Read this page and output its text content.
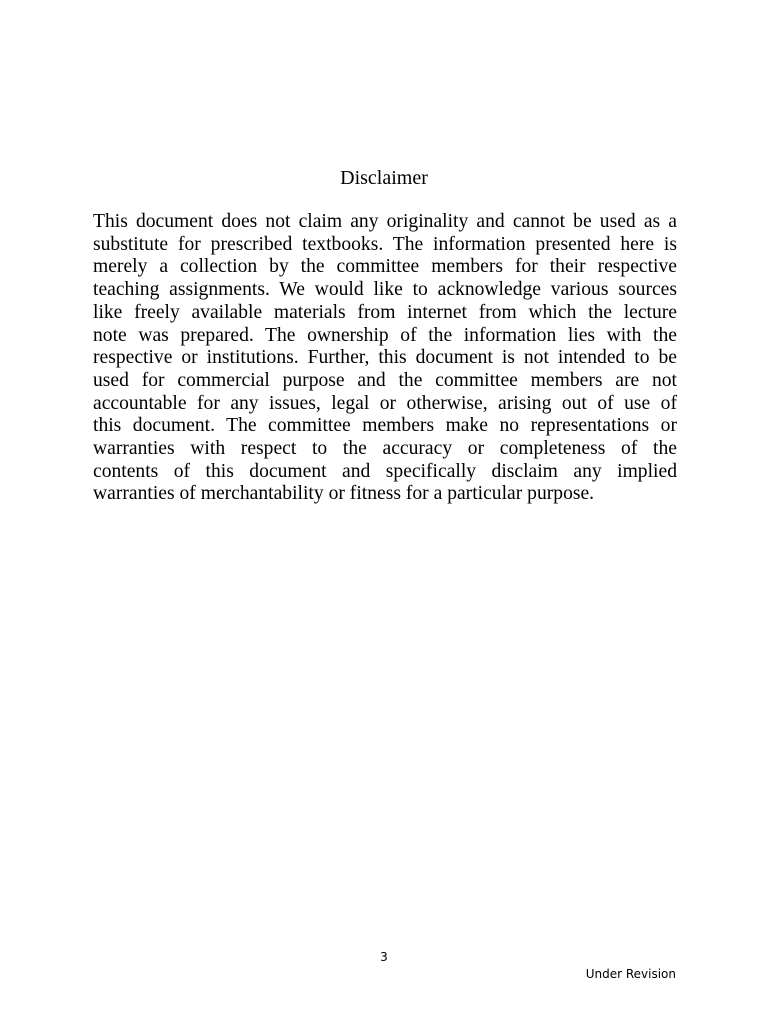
Disclaimer
This document does not claim any originality and cannot be used as a
substitute for prescribed textbooks. The information presented here is
merely a collection by the committee members for their respective
teaching assignments. We would like to acknowledge various sources
like freely available materials from internet from which the lecture
note was prepared. The ownership of the information lies with the
respective or institutions. Further, this document is not intended to be
used for commercial purpose and the committee members are not
accountable for any issues, legal or otherwise, arising out of use of
this document. The committee members make no representations or
warranties with respect to the accuracy or completeness of the
contents of this document and specifically disclaim any implied
warranties of merchantability or fitness for a particular purpose.
3
Under Revision
